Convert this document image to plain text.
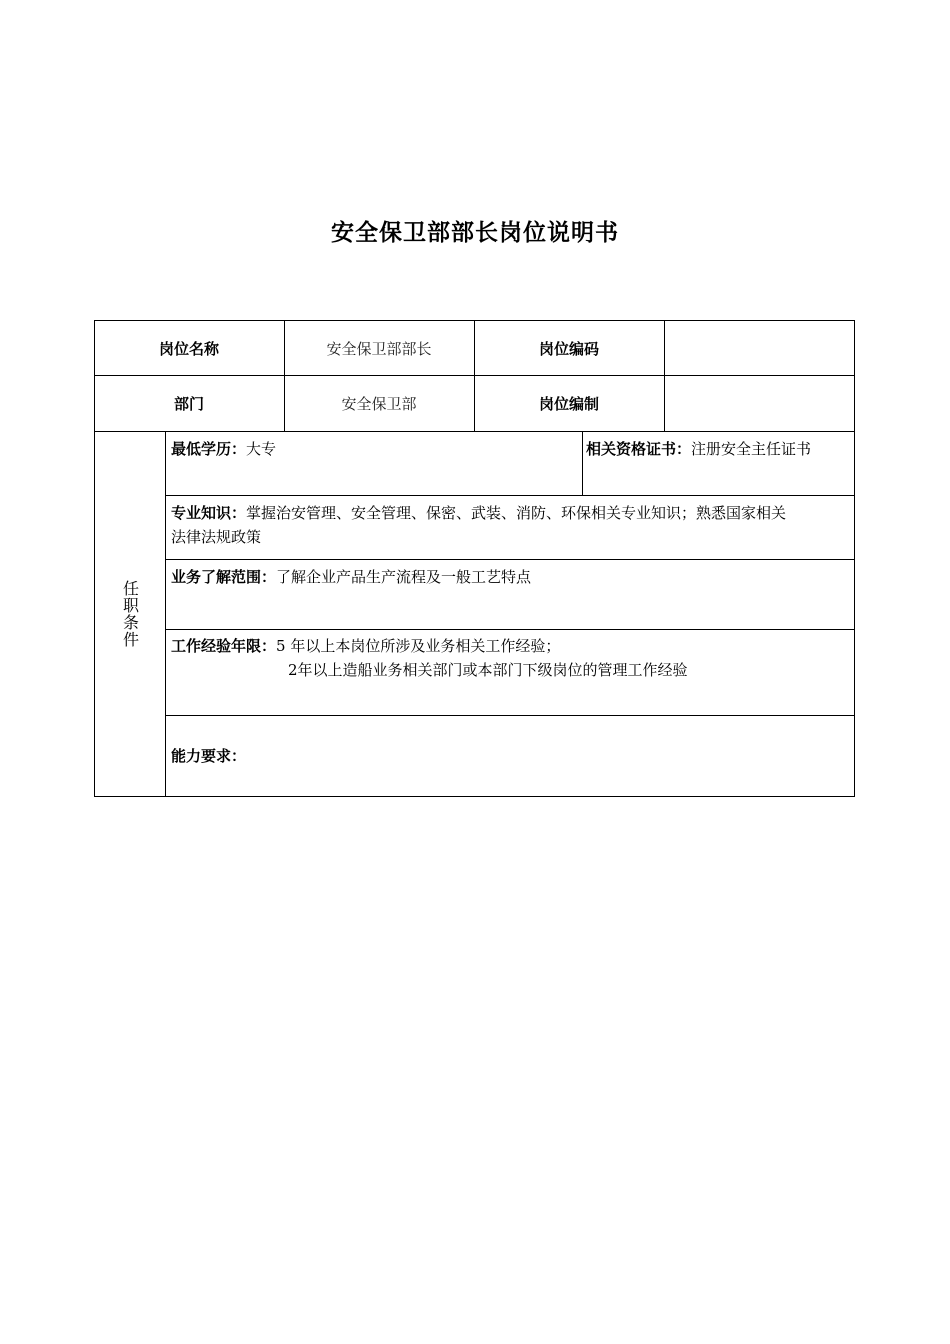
安全保卫部部长岗位说明书
岗位名称	安全保卫部部长	岗位编码
部门	安全保卫部	岗位编制
任职条件
最低学历：大专	相关资格证书：注册安全主任证书
专业知识：掌握治安管理、安全管理、保密、武装、消防、环保相关专业知识；熟悉国家相关
法律法规政策
业务了解范围：了解企业产品生产流程及一般工艺特点
工作经验年限：5 年以上本岗位所涉及业务相关工作经验；
2年以上造船业务相关部门或本部门下级岗位的管理工作经验
能力要求：
